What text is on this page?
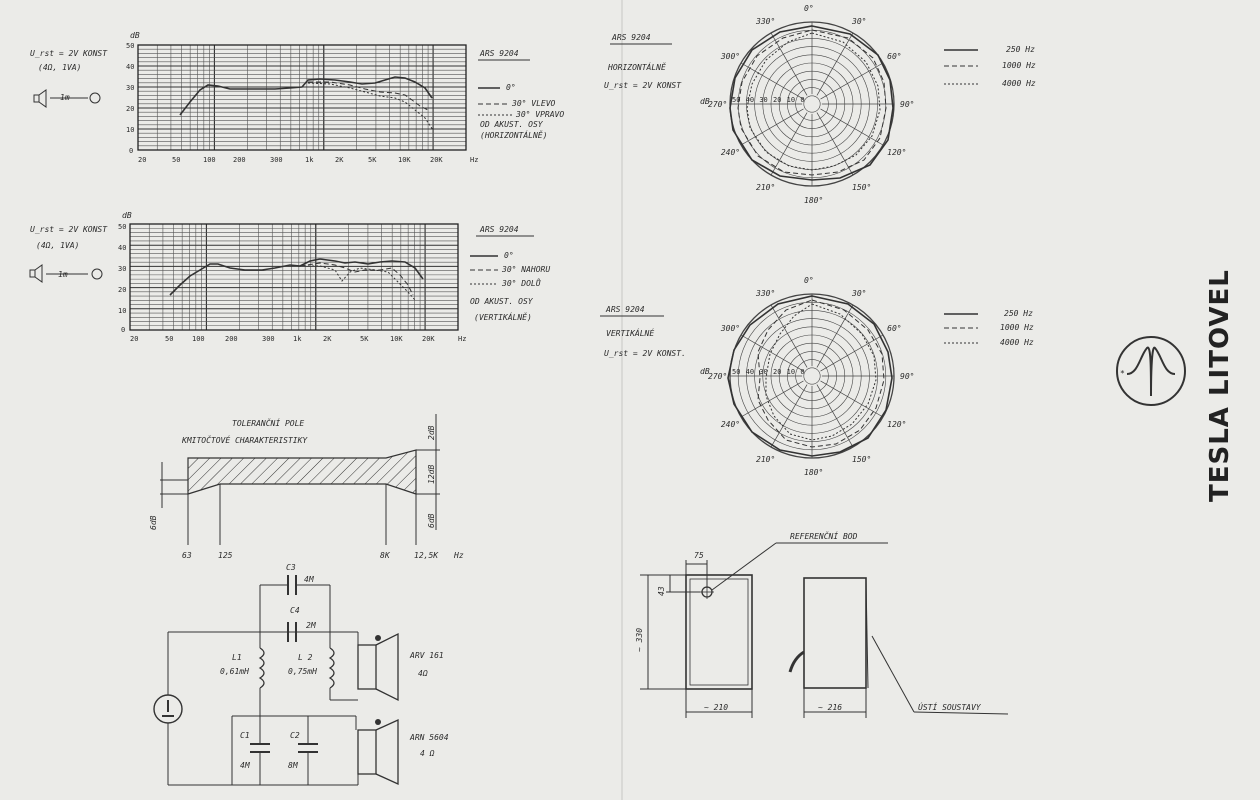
U_rst = 2V KONST
(4Ω, 1VA)
1m
dB
50
40
30
20
10
0
20	50	100 200	300	1k	2K	5K	10K	20K	Hz
ARS 9204
0°
30° VLEVO
30° VPRAVO
OD AKUST. OSY
(HORIZONTÁLNĚ)
U_rst = 2V KONST
(4Ω, 1VA)
1m
dB
50
40
30
20
10
0
20	50	100	200	300	1k	2K	5K	10K	20K	Hz
ARS 9204
0°
30° NAHORU
30° DOLŮ
OD AKUST. OSY
(VERTIKÁLNĚ)
ARS 9204
HORIZONTÁLNĚ
U_rst = 2V KONST
dB
0°
30°
60°
90°
120°
150°
180°
210°
240°
270°
300°
330°
50 40 30 20 10 0
250 Hz
1000 Hz
4000 Hz
ARS 9204
VERTIKÁLNÉ
U_rst = 2V KONST.
dB
0°
30°
60°
90°
120°
150°
180°
210°
240°
270°
300°
330°
50 40 30 20 10 0
250 Hz
1000 Hz
4000 Hz
TOLERANČNÍ POLE
KMITOČTOVÉ CHARAKTERISTIKY
6dB
2dB
12dB
6dB
63	125	8K	12,5K Hz
C3
4M
C4
2M
L1
0,61mH
L 2
0,75mH
C1
4M
C2
8M
ARV 161
4Ω
ARN 5604
4 Ω
REFERENČNÍ BOD
75
43
~ 330
~ 210	~ 216	ÚSTÍ SOUSTAVY
*	TESLA LITOVEL
